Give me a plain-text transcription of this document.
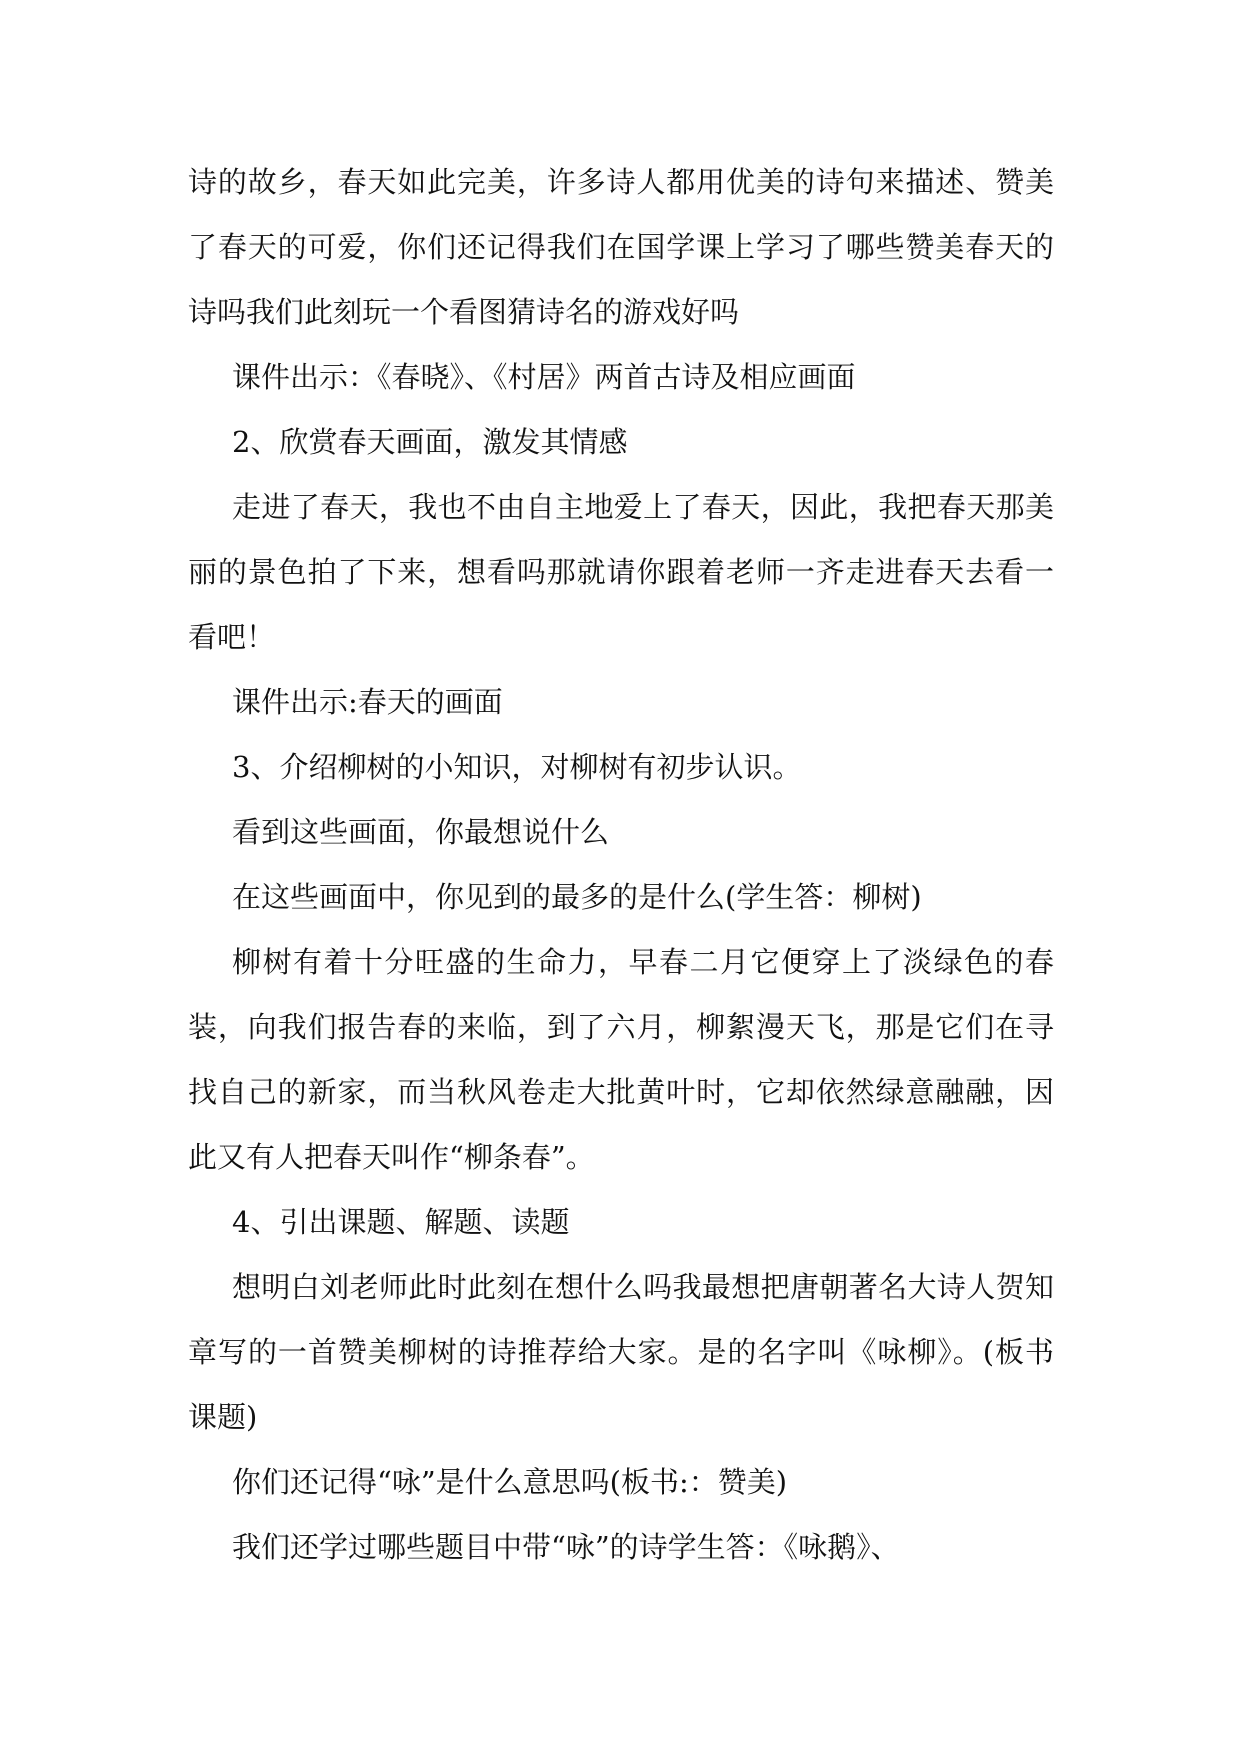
诗的故乡，春天如此完美，许多诗人都用优美的诗句来描述、赞美了春天的可爱，你们还记得我们在国学课上学习了哪些赞美春天的诗吗我们此刻玩一个看图猜诗名的游戏好吗

课件出示：《春晓》、《村居》两首古诗及相应画面

2、欣赏春天画面，激发其情感

走进了春天，我也不由自主地爱上了春天，因此，我把春天那美丽的景色拍了下来，想看吗那就请你跟着老师一齐走进春天去看一看吧！

课件出示:春天的画面

3、介绍柳树的小知识，对柳树有初步认识。

看到这些画面，你最想说什么

在这些画面中，你见到的最多的是什么(学生答：柳树)

柳树有着十分旺盛的生命力，早春二月它便穿上了淡绿色的春装，向我们报告春的来临，到了六月，柳絮漫天飞，那是它们在寻找自己的新家，而当秋风卷走大批黄叶时，它却依然绿意融融，因此又有人把春天叫作“柳条春”。

4、引出课题、解题、读题

想明白刘老师此时此刻在想什么吗我最想把唐朝著名大诗人贺知章写的一首赞美柳树的诗推荐给大家。是的名字叫《咏柳》。(板书课题)

你们还记得“咏”是什么意思吗(板书:：赞美)

我们还学过哪些题目中带“咏”的诗学生答：《咏鹅》、
